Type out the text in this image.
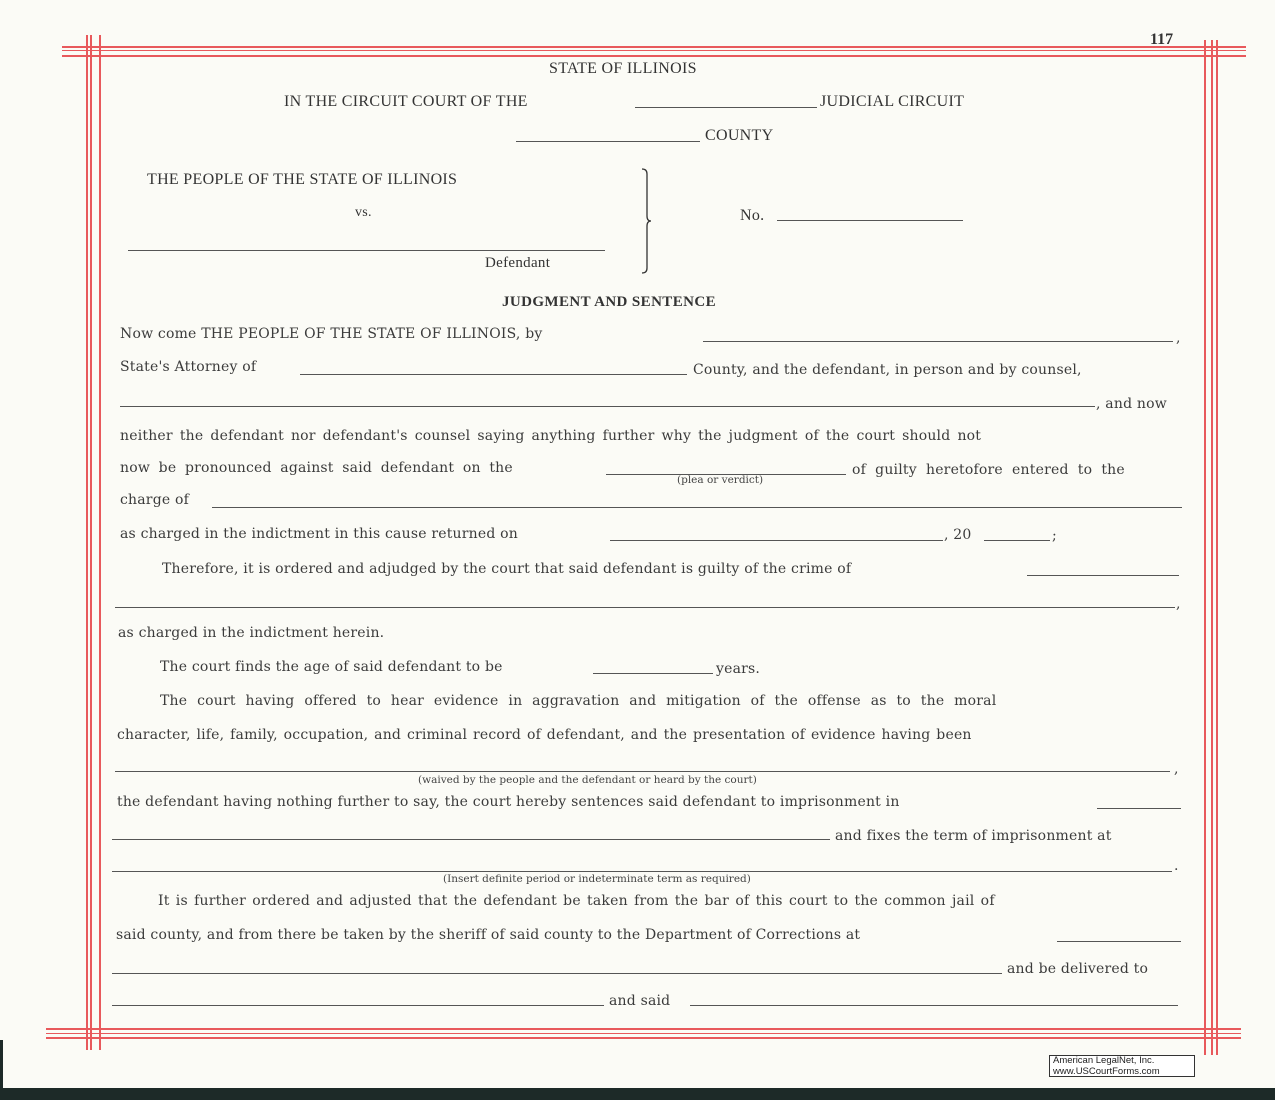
117
STATE OF ILLINOIS
IN THE CIRCUIT COURT OF THE	JUDICIAL CIRCUIT
COUNTY
THE PEOPLE OF THE STATE OF ILLINOIS
vs.
Defendant
No.
JUDGMENT AND SENTENCE
Now come THE PEOPLE OF THE STATE OF ILLINOIS, by	,
State's Attorney of	County, and the defendant, in person and by counsel,
, and now
neither the defendant nor defendant's counsel saying anything further why the judgment of the court should not
now be pronounced against said defendant on the
(plea or verdict)
of guilty heretofore entered to the
charge of
as charged in the indictment in this cause returned on	, 20	;
Therefore, it is ordered and adjudged by the court that said defendant is guilty of the crime of
,
as charged in the indictment herein.
The court finds the age of said defendant to be	years.
The court having offered to hear evidence in aggravation and mitigation of the offense as to the moral
character, life, family, occupation, and criminal record of defendant, and the presentation of evidence having been
,
(waived by the people and the defendant or heard by the court)
the defendant having nothing further to say, the court hereby sentences said defendant to imprisonment in
and fixes the term of imprisonment at
.
(Insert definite period or indeterminate term as required)
It is further ordered and adjusted that the defendant be taken from the bar of this court to the common jail of
said county, and from there be taken by the sheriff of said county to the Department of Corrections at
and be delivered to
and said
American LegalNet, Inc.
www.USCourtForms.com
